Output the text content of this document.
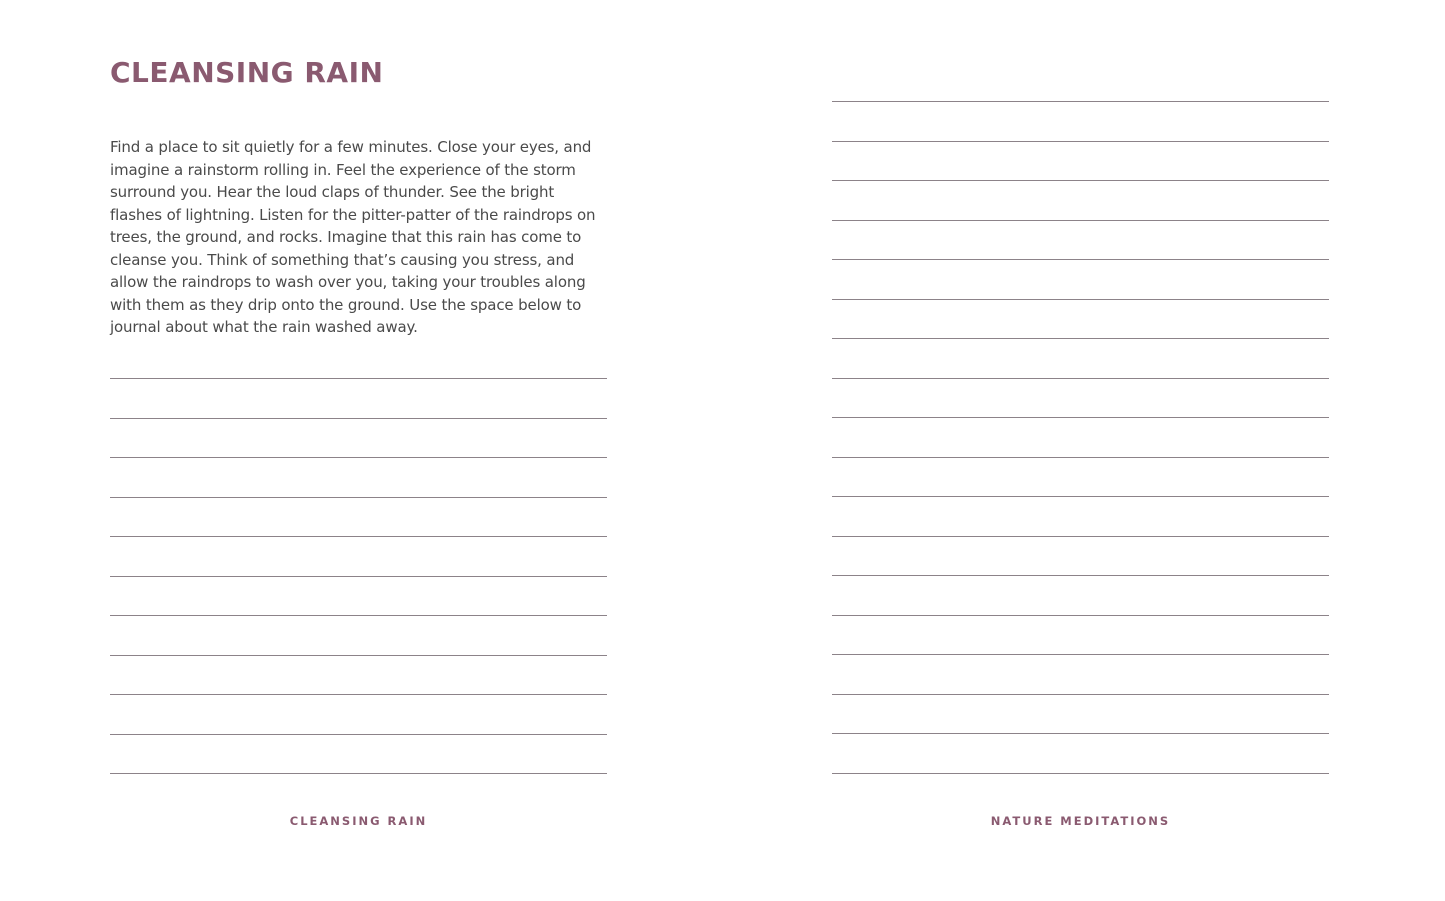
CLEANSING RAIN

Find a place to sit quietly for a few minutes. Close your eyes, and imagine a rainstorm rolling in. Feel the experience of the storm surround you. Hear the loud claps of thunder. See the bright flashes of lightning. Listen for the pitter-patter of the raindrops on trees, the ground, and rocks. Imagine that this rain has come to cleanse you. Think of something that’s causing you stress, and allow the raindrops to wash over you, taking your troubles along with them as they drip onto the ground. Use the space below to journal about what the rain washed away.

CLEANSING RAIN	NATURE MEDITATIONS
